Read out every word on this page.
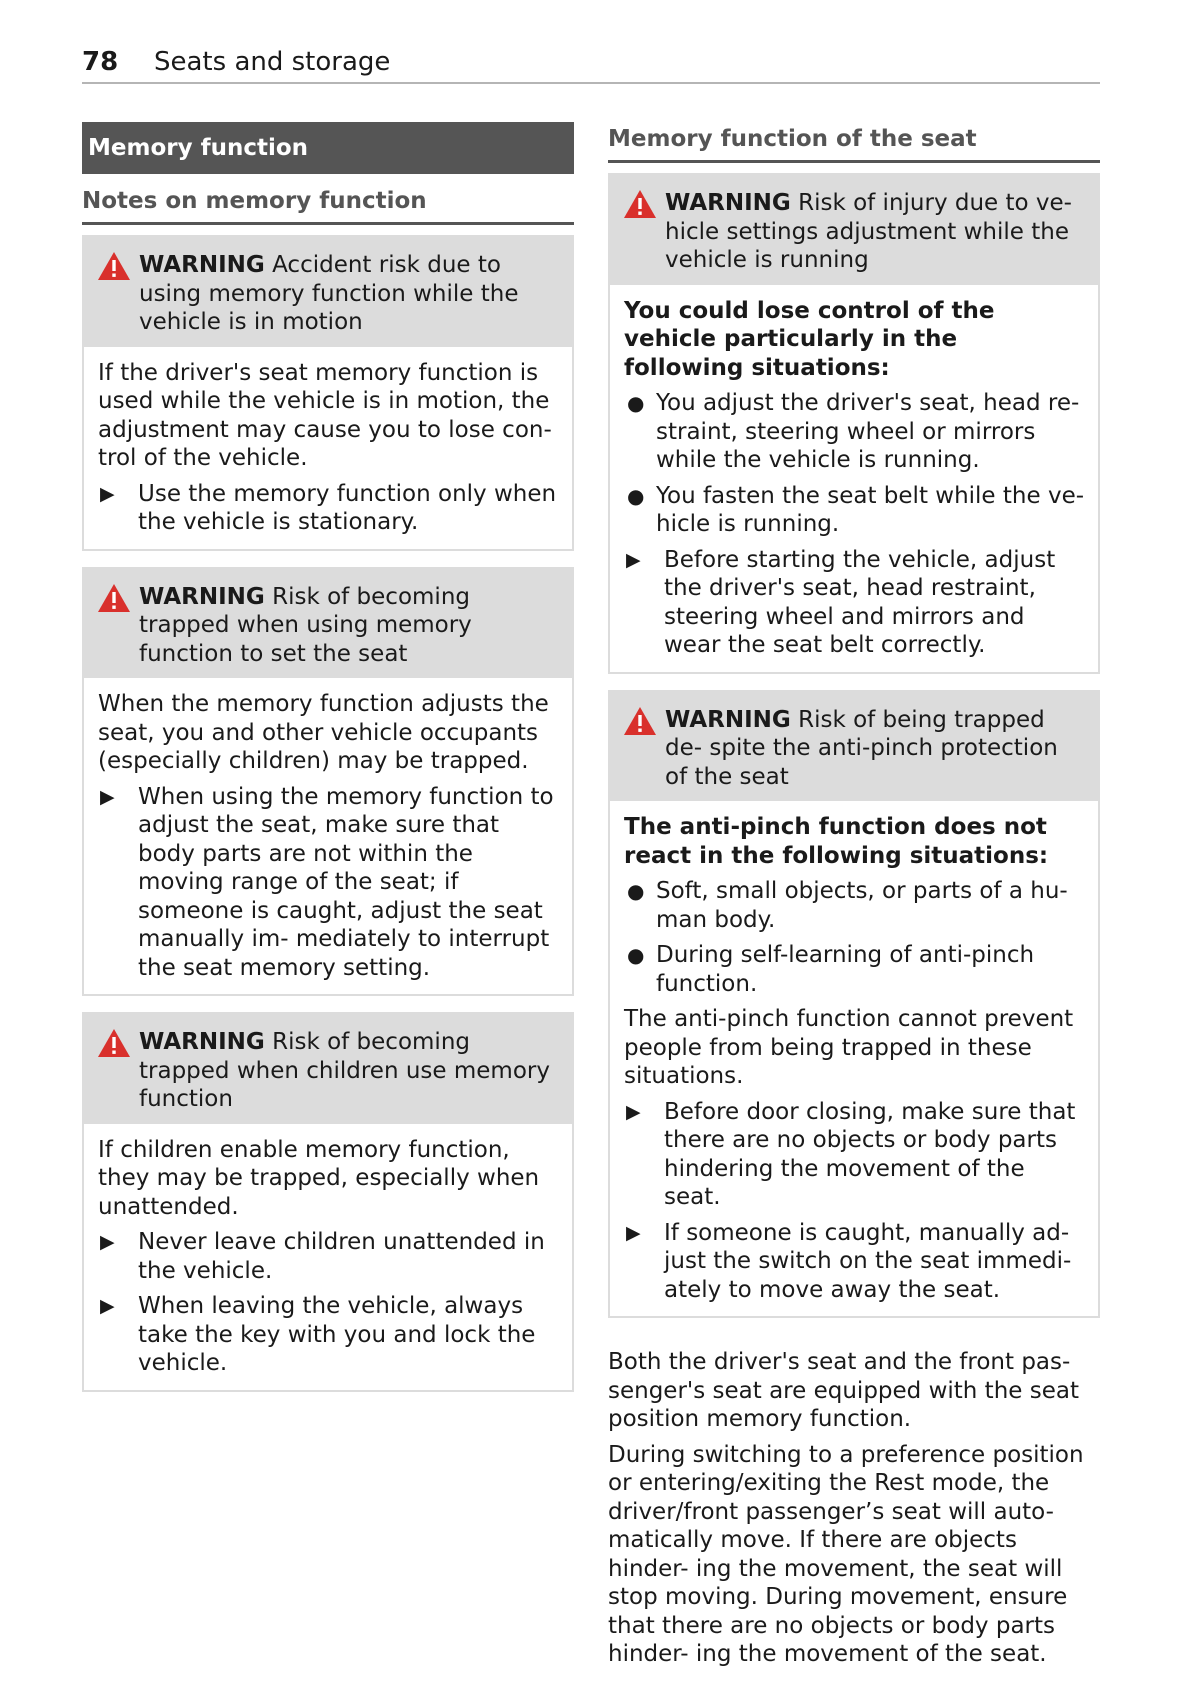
78 Seats and storage
Memory function
Notes on memory function
WARNING Accident risk due to using memory function while the vehicle is in motion

If the driver's seat memory function is used while the vehicle is in motion, the adjustment may cause you to lose con- trol of the vehicle.

▶ Use the memory function only when the vehicle is stationary.
WARNING Risk of becoming trapped when using memory function to set the seat

When the memory function adjusts the seat, you and other vehicle occupants (especially children) may be trapped.

▶ When using the memory function to adjust the seat, make sure that body parts are not within the moving range of the seat; if someone is caught, adjust the seat manually im- mediately to interrupt the seat memory setting.
WARNING Risk of becoming trapped when children use memory function

If children enable memory function, they may be trapped, especially when unattended.

▶ Never leave children unattended in the vehicle.
▶ When leaving the vehicle, always take the key with you and lock the vehicle.
Memory function of the seat
WARNING Risk of injury due to ve- hicle settings adjustment while the vehicle is running

You could lose control of the vehicle particularly in the following situations:

● You adjust the driver's seat, head re- straint, steering wheel or mirrors while the vehicle is running.
● You fasten the seat belt while the ve- hicle is running.
▶ Before starting the vehicle, adjust the driver's seat, head restraint, steering wheel and mirrors and wear the seat belt correctly.
WARNING Risk of being trapped de- spite the anti-pinch protection of the seat

The anti-pinch function does not react in the following situations:

● Soft, small objects, or parts of a hu- man body.
● During self-learning of anti-pinch function.

The anti-pinch function cannot prevent people from being trapped in these situations.

▶ Before door closing, make sure that there are no objects or body parts hindering the movement of the seat.
▶ If someone is caught, manually ad- just the switch on the seat immedi- ately to move away the seat.

Both the driver's seat and the front pas- senger's seat are equipped with the seat position memory function.

During switching to a preference position or entering/exiting the Rest mode, the driver/front passenger’s seat will auto- matically move. If there are objects hinder- ing the movement, the seat will stop moving. During movement, ensure that there are no objects or body parts hinder- ing the movement of the seat.
